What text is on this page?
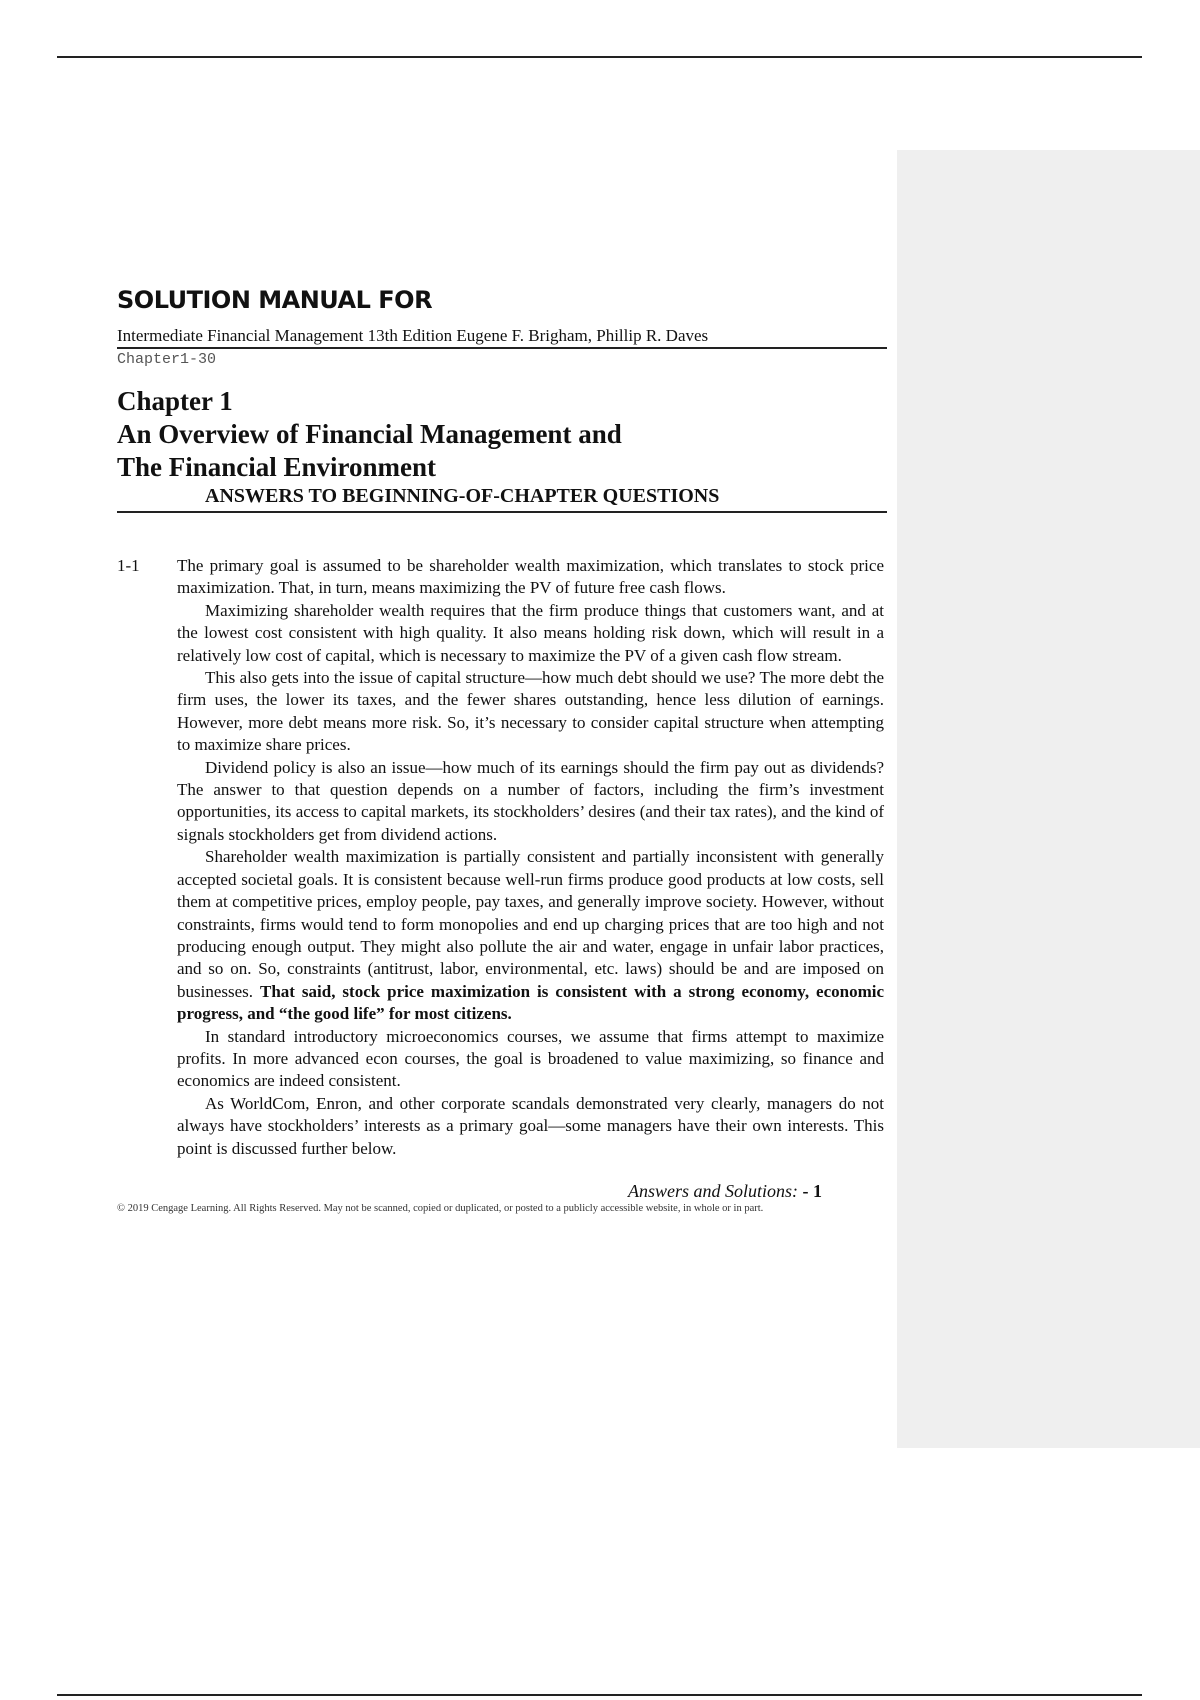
SOLUTION MANUAL FOR
Intermediate Financial Management 13th Edition Eugene F. Brigham, Phillip R. Daves
Chapter1-30
Chapter 1
An Overview of Financial Management and
The Financial Environment
ANSWERS TO BEGINNING-OF-CHAPTER QUESTIONS
1-1 The primary goal is assumed to be shareholder wealth maximization, which translates to stock price maximization. That, in turn, means maximizing the PV of future free cash flows.

Maximizing shareholder wealth requires that the firm produce things that customers want, and at the lowest cost consistent with high quality. It also means holding risk down, which will result in a relatively low cost of capital, which is necessary to maximize the PV of a given cash flow stream.

This also gets into the issue of capital structure—how much debt should we use? The more debt the firm uses, the lower its taxes, and the fewer shares outstanding, hence less dilution of earnings. However, more debt means more risk. So, it’s necessary to consider capital structure when attempting to maximize share prices.

Dividend policy is also an issue—how much of its earnings should the firm pay out as dividends? The answer to that question depends on a number of factors, including the firm’s investment opportunities, its access to capital markets, its stockholders’ desires (and their tax rates), and the kind of signals stockholders get from dividend actions.

Shareholder wealth maximization is partially consistent and partially inconsistent with generally accepted societal goals. It is consistent because well-run firms produce good products at low costs, sell them at competitive prices, employ people, pay taxes, and generally improve society. However, without constraints, firms would tend to form monopolies and end up charging prices that are too high and not producing enough output. They might also pollute the air and water, engage in unfair labor practices, and so on. So, constraints (antitrust, labor, environmental, etc. laws) should be and are imposed on businesses. That said, stock price maximization is consistent with a strong economy, economic progress, and “the good life” for most citizens.

In standard introductory microeconomics courses, we assume that firms attempt to maximize profits. In more advanced econ courses, the goal is broadened to value maximizing, so finance and economics are indeed consistent.

As WorldCom, Enron, and other corporate scandals demonstrated very clearly, managers do not always have stockholders’ interests as a primary goal—some managers have their own interests. This point is discussed further below.

Answers and Solutions: - 1
© 2019 Cengage Learning. All Rights Reserved. May not be scanned, copied or duplicated, or posted to a publicly accessible website, in whole or in part.
